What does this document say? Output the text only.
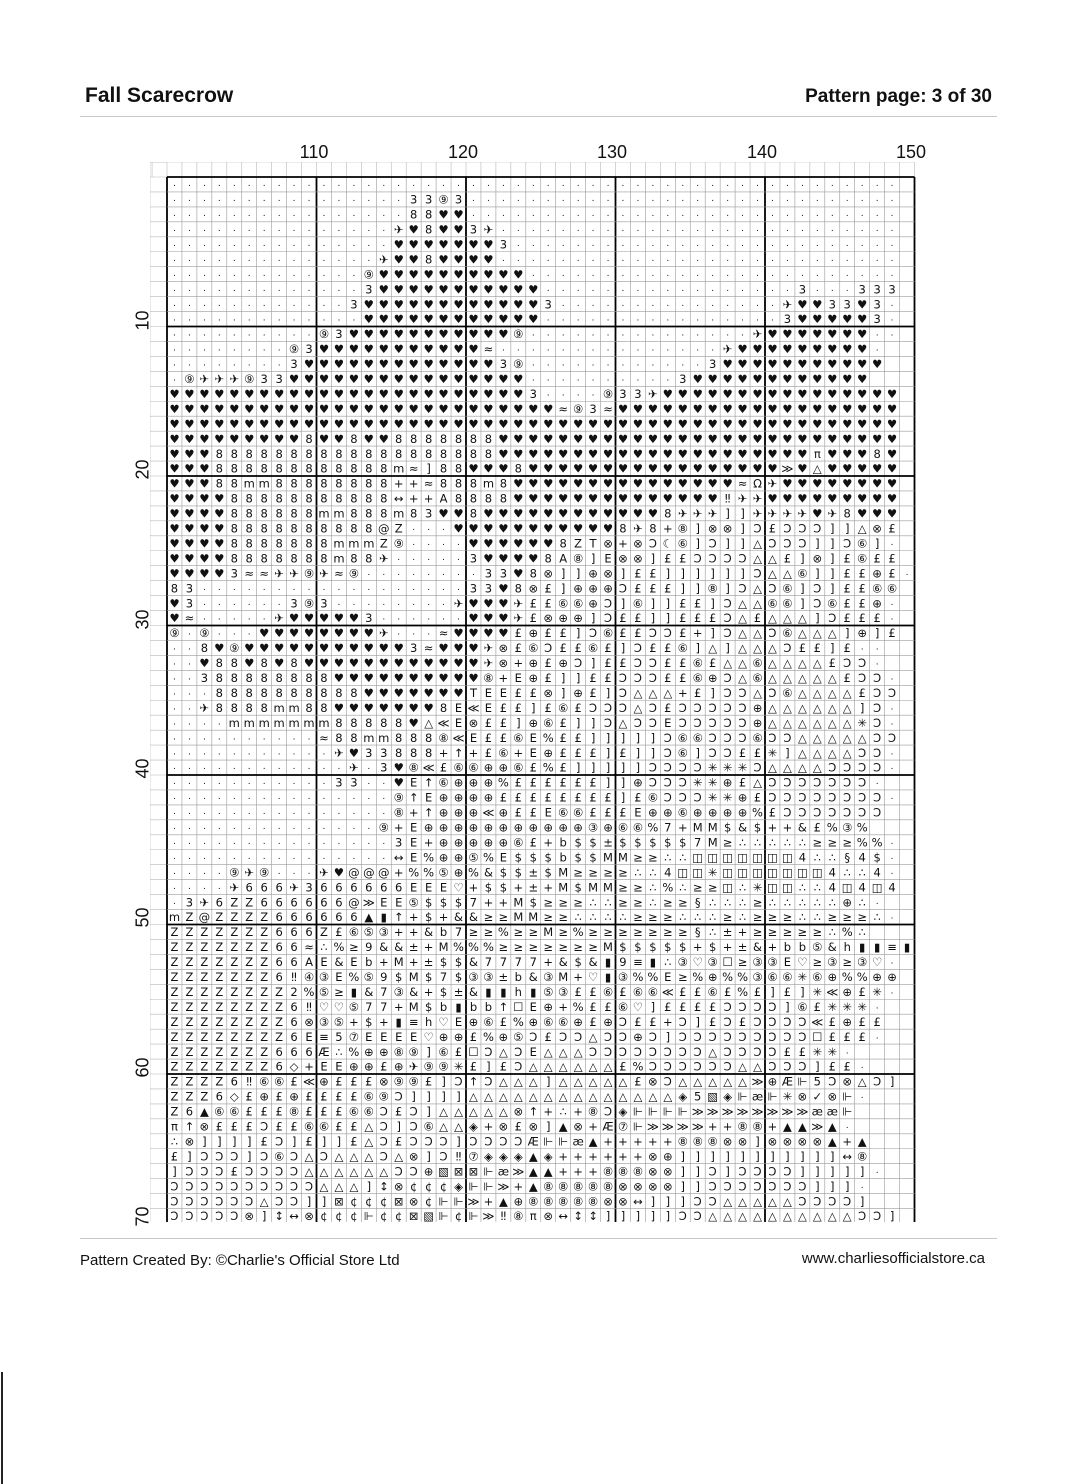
Fall Scarecrow	Pattern page: 3 of 30
110	120	130	140	150
10
20
30
40
50
60
70
· · · · · · · · · · · · · · · · · · · · · · · · · · · · · · · · · · · · · · · · · · · · · · · · ·
· · · · · · · · · · · · · · · · 3 3 ⑨ 3 · · · · · · · · · · · · · · · · · · · · · · · · · · · · ·
· · · · · · · · · · · · · · · · 8 8 ♥ ♥ · · · · · · · · · · · · · · · · · · · · · · · · · · · · ·
· · · · · · · · · · · · · · · ✈ ♥ 8 ♥ ♥ 3 ✈ · · · · · · · · · · · · · · · · · · · · · · · · · · ·
· · · · · · · · · · · · · · · ♥ ♥ ♥ ♥ ♥ ♥ ♥ 3 · · · · · · · · · · · · · · · · · · · · · · · · · ·
· · · · · · · · · · · · · · ✈ ♥ ♥ 8 ♥ ♥ ♥ ♥ · · · · · · · · · · · · · · · · · · · · · · · · · · ·
· · · · · · · · · · · · · ⑨ ♥ ♥ ♥ ♥ ♥ ♥ ♥ ♥ ♥ ♥ · · · · · · · · · · · · · · · · · · · · · · · · ·
· · · · · · · · · · · · · 3 ♥ ♥ ♥ ♥ ♥ ♥ ♥ ♥ ♥ ♥ ♥ · · · · · · · · · · · · · · · · · 3 · · · 3 3 3
· · · · · · · · · · · · 3 ♥ ♥ ♥ ♥ ♥ ♥ ♥ ♥ ♥ ♥ ♥ ♥ 3 · · · · · · · · · · · · · · · ✈ ♥ ♥ 3 3 ♥ 3 ·
· · · · · · · · · · · · · ♥ ♥ ♥ ♥ ♥ ♥ ♥ ♥ ♥ ♥ ♥ ♥ · · · · · · · · · · · · · · · · 3 ♥ ♥ ♥ ♥ ♥ 3 ·
· · · · · · · · · · ⑨ 3 ♥ ♥ ♥ ♥ ♥ ♥ ♥ ♥ ♥ ♥ ♥ ⑨ · · · · · · · · · · · · · · · ✈ ♥ ♥ ♥ ♥ ♥ ♥ ♥ · ·
· · · · · · · · ⑨ 3 ♥ ♥ ♥ ♥ ♥ ♥ ♥ ♥ ♥ ♥ ♥ ≈ · · · · · · · · · · · · · · · ✈ ♥ ♥ ♥ ♥ ♥ ♥ ♥ ♥ ♥ ·
· · · · · · · · 3 ♥ ♥ ♥ ♥ ♥ ♥ ♥ ♥ ♥ ♥ ♥ ♥ ♥ 3 ⑨ · · · · · · · · · · · · 3 ♥ ♥ ♥ ♥ ♥ ♥ ♥ ♥ ♥ ♥ ♥
· ⑨ ✈ ✈ ✈ ⑨ 3 3 ♥ ♥ ♥ ♥ ♥ ♥ ♥ ♥ ♥ ♥ ♥ ♥ ♥ ♥ ♥ ♥ · · · · · · · · · · 3 ♥ ♥ ♥ ♥ ♥ ♥ ♥ ♥ ♥ ♥ ♥ ♥
♥ ♥ ♥ ♥ ♥ ♥ ♥ ♥ ♥ ♥ ♥ ♥ ♥ ♥ ♥ ♥ ♥ ♥ ♥ ♥ ♥ ♥ ♥ ♥ 3 · · · · ⑨ 3 3 ✈ ♥ ♥ ♥ ♥ ♥ ♥ ♥ ♥ ♥ ♥ ♥ ♥ ♥ ♥ ♥ ♥
♥ ♥ ♥ ♥ ♥ ♥ ♥ ♥ ♥ ♥ ♥ ♥ ♥ ♥ ♥ ♥ ♥ ♥ ♥ ♥ ♥ ♥ ♥ ♥ ♥ ♥ ≈ ⑨ 3 ≈ ♥ ♥ ♥ ♥ ♥ ♥ ♥ ♥ ♥ ♥ ♥ ♥ ♥ ♥ ♥ ♥ ♥ ♥ ♥
♥ ♥ ♥ ♥ ♥ ♥ ♥ ♥ ♥ ♥ ♥ ♥ ♥ ♥ ♥ ♥ ♥ ♥ ♥ ♥ ♥ ♥ ♥ ♥ ♥ ♥ ♥ ♥ ♥ ♥ ♥ ♥ ♥ ♥ ♥ ♥ ♥ ♥ ♥ ♥ ♥ ♥ ♥ ♥ ♥ ♥ ♥ ♥ ♥
♥ ♥ ♥ ♥ ♥ ♥ ♥ ♥ ♥ 8 ♥ ♥ 8 ♥ ♥ 8 8 8 8 8 8 8 ♥ ♥ ♥ ♥ ♥ ♥ ♥ ♥ ♥ ♥ ♥ ♥ ♥ ♥ ♥ ♥ ♥ ♥ ♥ ♥ ♥ ♥ ♥ ♥ ♥ ♥ ♥
♥ ♥ ♥ 8 8 8 8 8 8 8 8 8 8 8 8 8 8 8 8 8 8 8 ♥ ♥ ♥ ♥ ♥ ♥ ♥ ♥ ♥ ♥ ♥ ♥ ♥ ♥ ♥ ♥ ♥ ♥ ♥ ♥ ♥ π ♥ ♥ ♥ 8 ♥
♥ ♥ ♥ 8 8 8 8 8 8 8 8 8 8 8 8 m ≈ ] 8 8 ♥ ♥ ♥ 8 ♥ ♥ ♥ ♥ ♥ ♥ ♥ ♥ ♥ ♥ ♥ ♥ ♥ ♥ ♥ ♥ ♥ ≫ ♥ △ ♥ ♥ ♥ ♥ ♥
♥ ♥ ♥ 8 8 m m 8 8 8 8 8 8 8 8 + + ≈ 8 8 8 m 8 ♥ ♥ ♥ ♥ ♥ ♥ ♥ ♥ ♥ ♥ ♥ ♥ ♥ ♥ ♥ ≈ Ω ✈ ♥ ♥ ♥ ♥ ♥ ♥ ♥ ♥
♥ ♥ ♥ ♥ 8 8 8 8 8 8 8 8 8 8 8 ↔ + + A 8 8 8 8 ♥ ♥ ♥ ♥ ♥ ♥ ♥ ♥ ♥ ♥ ♥ ♥ ♥ ♥ ‼ ✈ ✈ ♥ ♥ ♥ ♥ ♥ ♥ ♥ ♥ ♥
♥ ♥ ♥ ♥ 8 8 8 8 8 8 m m 8 8 8 m 8 3 ♥ ♥ 8 ♥ ♥ ♥ ♥ ♥ ♥ ♥ ♥ ♥ ♥ ♥ ♥ 8 ✈ ✈ ✈ ] ] ✈ ✈ ✈ ✈ ♥ ✈ 8 ♥ ♥ ♥
♥ ♥ ♥ ♥ 8 8 8 8 8 8 8 8 8 8 @ Z · · · ♥ ♥ ♥ ♥ ♥ ♥ ♥ ♥ ♥ ♥ ♥ 8 ✈ 8 + ⑧ ] ⊗ ⊗ ] Ↄ £ Ↄ Ↄ Ↄ ] ] △ ⊗ £
♥ ♥ ♥ ♥ 8 8 8 8 8 8 8 m m m Z ⑨ · · · · ♥ ♥ ♥ ♥ ♥ ♥ 8 Z T ⊗ + ⊗ Ↄ ☾ ⑥ ] Ↄ ] ] △ Ↄ Ↄ Ↄ ] ] Ↄ ⑥ ] ·
♥ ♥ ♥ ♥ 8 8 8 8 8 8 8 m 8 8 ✈ · · · · · 3 ♥ ♥ ♥ ♥ 8 A ⑧ ] E ⊗ ⊗ ] £ £ Ↄ Ↄ Ↄ Ↄ △ △ £ ] ⊗ ] £ ⑥ £ £
♥ ♥ ♥ ♥ 3 ≈ ≈ ✈ ✈ ⑨ ✈ ≈ ⑨ · · · · · · · · 3 3 ♥ 8 ⊗ ] ] ⊕ ⊗ ] £ £ ] ] ] ] ] ] Ↄ △ △ ⑥ ] ] £ £ ⊕ £ ·
8 3 · · · · · · · · · · · · · · · · · · 3 3 ♥ 8 ⊗ £ ] ⊕ ⊕ ⊕ Ↄ £ £ £ ] ] ⑧ ] Ↄ △ Ↄ ⑥ ] Ↄ ] £ £ ⑥ ⑥
♥ 3 · · · · · · 3 ⑨ 3 · · · · · · · · ✈ ♥ ♥ ♥ ✈ £ £ ⑥ ⑥ ⊕ Ↄ ] ⑥ ] ] £ £ ] Ↄ △ △ ⑥ ⑥ ] Ↄ ⑥ £ £ ⊕ ·
♥ ≈ · · · · · ✈ ♥ ♥ ♥ ♥ ♥ 3 · · · · · · ♥ ♥ ♥ ✈ £ ⊗ ⊕ ⊕ ] Ↄ £ £ ] ] £ £ £ Ↄ △ £ △ △ △ ] Ↄ £ £ £ ·
⑨ · ⑨ · · · ♥ ♥ ♥ ♥ ♥ ♥ ♥ ♥ ✈ · · · ≈ ♥ ♥ ♥ ♥ £ ⊕ £ £ ] Ↄ ⑥ £ £ Ↄ Ↄ £ + ] Ↄ △ △ Ↄ ⑥ △ △ △ ] ⊕ ] £
· · 8 ♥ ⑨ ♥ ♥ ♥ ♥ ♥ ♥ ♥ ♥ ♥ ♥ ♥ 3 ≈ ♥ ♥ ♥ ✈ ⊗ £ ⑥ Ↄ £ £ ⑥ £ ] Ↄ £ £ ⑥ ] △ ] △ △ △ Ↄ £ £ ] £ · ·
· · ♥ 8 8 ♥ 8 ♥ 8 ♥ ♥ ♥ ♥ ♥ ♥ ♥ ♥ ♥ ♥ ♥ ♥ ✈ ⊗ + ⊕ £ ⊕ Ↄ ] £ £ Ↄ Ↄ £ £ ⑥ £ △ △ ⑥ △ △ △ △ £ Ↄ Ↄ ·
· · 3 8 8 8 8 8 8 8 8 ♥ ♥ ♥ ♥ ♥ ♥ ♥ ♥ ♥ ♥ ⑧ + E ⊕ £ ] ] £ £ Ↄ Ↄ Ↄ £ £ ⑥ ⊕ Ↄ △ ⑥ △ △ △ △ △ £ Ↄ Ↄ ·
· · · 8 8 8 8 8 8 8 8 8 8 ♥ ♥ ♥ ♥ ♥ ♥ ♥ T E E £ £ ⊗ ] ⊕ £ ] Ↄ △ △ △ + £ ] Ↄ Ↄ △ Ↄ ⑥ △ △ △ △ £ Ↄ Ↄ
· · ✈ 8 8 8 8 m m 8 8 ♥ ♥ ♥ ♥ ♥ ♥ ♥ 8 E ≪ E £ £ ] £ ⑥ £ Ↄ Ↄ Ↄ △ Ↄ £ Ↄ Ↄ Ↄ Ↄ Ↄ ⊕ △ △ △ △ △ △ ] Ↄ ·
· · · · m m m m m m m 8 8 8 8 8 ♥ △ ≪ E ⊗ £ £ ] ⊕ ⑥ £ ] ] Ↄ △ Ↄ Ↄ E Ↄ Ↄ Ↄ Ↄ Ↄ ⊕ △ △ △ △ △ △ ✳ Ↄ ·
· · · · · · · · · · ≈ 8 8 m m 8 8 8 ⑧ ≪ E £ £ ⑥ E % £ £ ] ] ] ] ] Ↄ ⑥ ⑥ Ↄ Ↄ Ↄ ⑥ Ↄ Ↄ △ △ △ △ △ Ↄ Ↄ
· · · · · · · · · · · ✈ ♥ 3 3 8 8 8 + ↑ + £ ⑥ + E ⊕ £ £ £ ] £ ] ] Ↄ ⑥ ] Ↄ Ↄ £ £ ✳ ] △ △ △ △ Ↄ Ↄ ·
· · · · · · · · · · · · ✈ · 3 ♥ ⑧ ≪ £ ⑥ ⑥ ⊕ ⊕ ⑥ £ % £ ] ] ] ] ] Ↄ Ↄ Ↄ Ↄ ✳ ✳ ✳ Ↄ △ △ △ △ Ↄ Ↄ Ↄ Ↄ ·
· · · · · · · · · · · 3 3 · · ♥ E ↑ ⑥ ⊕ ⊕ ⊕ % £ £ £ £ £ £ ] ] ⊕ Ↄ Ↄ Ↄ ✳ ✳ ⊕ £ △ Ↄ Ↄ Ↄ Ↄ Ↄ Ↄ Ↄ ·
· · · · · · · · · · · · · · · ⑨ ↑ E ⊕ ⊕ ⊕ ⊕ £ £ £ £ £ £ £ £ ] £ ⑥ Ↄ Ↄ Ↄ ✳ ✳ ⊕ £ Ↄ Ↄ Ↄ Ↄ Ↄ Ↄ Ↄ Ↄ ·
· · · · · · · · · · · · · · · ⑧ + ↑ ⊕ ⊕ ⊕ ≪ ⊕ £ £ E ⑥ ⑥ £ £ £ E ⊕ ⊕ ⑥ ⊕ ⊕ ⊕ ⊕ % £ Ↄ Ↄ Ↄ Ↄ Ↄ Ↄ Ↄ
· · · · · · · · · · · · · · ⑨ + E ⊕ ⊕ ⊕ ⊕ ⊕ ⊕ ⊕ ⊕ ⊕ ⊕ ⊕ ③ ⊕ ⑥ ⑥ % 7 + M M $ & $ + + & £ % ③ %
· · · · · · · · · · · · · · · 3 E + ⊕ ⊕ ⊕ ⊕ ⊕ ⑥ £ + b $ $ ± $ $ $ $ $ 7 M ≥ ∴ ∴ ∴ ∴ ∴ ≥ ≥ ≥ % % ·
· · · · · · · · · · · · · · · ↔ E % ⊕ ⊕ ⑤ % E $ $ $ b $ $ M M ≥ ≥ ∴ ∴ ◫ ◫ ◫ ◫ ◫ ◫ ◫ 4 ∴ ∴ § 4 $ ·
· · · · ⑨ ✈ ⑨ · · · ✈ ♥ @ @ @ + % % ⑤ ⊕ % & $ $ ± $ M ≥ ≥ ≥ ≥ ∴ ∴ 4 ◫ ◫ ✳ ◫ ◫ ◫ ◫ ◫ ◫ ◫ 4 ∴ ∴ 4 ·
· · · · ✈ 6 6 6 ✈ 3 6 6 6 6 6 6 E E E ♡ + $ $ + ± + M $ M M ≥ ≥ ∴ % ∴ ≥ ≥ ◫ ∴ ✳ ◫ ◫ ∴ ∴ 4 ◫ 4 ◫ 4
· 3 ✈ 6 Z Z 6 6 6 6 6 6 @ ≫ E E ⑤ $ $ $ 7 + + M $ ≥ ≥ ≥ ∴ ∴ ≥ ≥ ∴ ≥ ≥ § ∴ ∴ ∴ ≥ ∴ ∴ ∴ ∴ ∴ ⊕ ∴ ·
m Z @ Z Z Z Z 6 6 6 6 6 6 ▲ ▮ ↑ + $ + & & ≥ ≥ M M ≥ ≥ ∴ ∴ ∴ ∴ ≥ ≥ ≥ ∴ ∴ ∴ ≥ ∴ ≥ ≥ ≥ ∴ ∴ ≥ ≥ ≥ ∴ ·
Z Z Z Z Z Z Z 6 6 6 Z £ ⑥ ⑤ ③ + + & b 7 ≥ ≥ % ≥ ≥ M ≥ % ≥ ≥ ≥ ≥ ≥ ≥ ≥ § ∴ ± + ≥ ≥ ≥ ≥ ≥ ∴ % ∴
Z Z Z Z Z Z Z 6 6 ≈ ∴ % ≥ 9 & & ± + M % % % ≥ ≥ ≥ ≥ ≥ ≥ ≥ M $ $ $ $ $ + $ + ± & + b b ⑤ & h ▮ ▮ ≡ ▮
Z Z Z Z Z Z Z 6 6 A E & E b + M + ± $ $ & 7 7 7 7 + & $ & ▮ 9 ≡ ▮ ∴ ③ ♡ ③ ☐ ≥ ③ ③ E ♡ ≥ ③ ≥ ③ ♡ ·
Z Z Z Z Z Z Z 6 ‼ ④ ③ E % ⑤ 9 $ M $ 7 $ ③ ③ ± b & ③ M + ♡ ▮ ③ % % E ≥ % ⊕ % % ③ ⑥ ⑥ ✳ ⑥ ⊕ % % ⊕ ⊕
Z Z Z Z Z Z Z Z 2 % ⑤ ≥ ▮ & 7 ③ & + $ ± & ▮ ▮ h ▮ ⑤ ③ £ £ ⑥ £ ⑥ ⑥ ≪ £ £ ⑥ £ % £ ] £ ] ✳ ≪ ⊕ £ ✳ ·
Z Z Z Z Z Z Z Z 6 ‼ ♡ ♡ ⑤ 7 7 + M $ b ▮ b b ↑ ☐ E ⊕ + % £ £ ⑥ ♡ ] £ £ £ £ Ↄ Ↄ Ↄ Ↄ ] ⑥ £ ✳ ✳ ✳ ·
Z Z Z Z Z Z Z Z 6 ⊗ ③ ⑤ + $ + ▮ ≡ h ♡ E ⊕ ⑥ £ % ⊕ ⑥ ⑥ ⊕ £ ⊕ Ↄ £ £ + Ↄ ] £ Ↄ £ Ↄ Ↄ Ↄ Ↄ ≪ £ ⊕ £ £
Z Z Z Z Z Z Z Z 6 E ≡ 5 ⑦ E E E E ♡ ⊕ ⊕ £ % ⊕ ⑤ Ↄ £ Ↄ Ↄ △ Ↄ Ↄ ⊕ Ↄ ] Ↄ Ↄ Ↄ Ↄ Ↄ Ↄ Ↄ Ↄ Ↄ ☐ £ £ £ ·
Z Z Z Z Z Z Z 6 6 6 Æ ∴ % ⊕ ⊕ ⑧ ⑨ ] ⑥ £ ☐ Ↄ △ Ↄ E △ △ △ Ↄ Ↄ Ↄ Ↄ Ↄ Ↄ Ↄ Ↄ △ Ↄ Ↄ Ↄ Ↄ £ £ ✳ ✳ ·
Z Z Z Z Z Z Z 6 ◇ + E E ⊕ ⊕ £ ⊕ ✈ ⑨ ⑨ ✳ £ ] £ Ↄ △ △ △ △ △ △ £ % Ↄ Ↄ Ↄ Ↄ Ↄ Ↄ △ △ Ↄ Ↄ Ↄ ] £ £ ·
Z Z Z Z 6 ‼ ⑥ ⑥ £ ≪ ⊕ £ £ £ ⊗ ⑨ ⑨ £ ] Ↄ ↑ Ↄ △ △ △ ] △ △ △ △ △ £ ⊗ Ↄ △ △ △ △ △ ≫ ⊕ Æ ⊩ 5 Ↄ ⊗ △ Ↄ ]
Z Z Z 6 ◇ £ ⊕ £ ⊕ £ £ £ £ ⑥ ⑨ Ↄ ] ] ] ] △ △ △ △ △ △ △ △ △ △ △ △ △ △ ◈ 5 ▧ ◈ ⊩ æ ⊩ ✳ ⊗ ✓ ⊗ ⊩ ·
Z 6 ▲ ⑥ ⑥ £ £ £ ⑧ £ £ £ ⑥ ⑥ Ↄ £ Ↄ ] △ △ △ △ △ ⊗ ↑ + ∴ + ⑧ Ↄ ◈ ⊩ ⊩ ⊩ ⊩ ≫ ≫ ≫ ≫ ≫ ≫ ≫ ≫ æ æ ⊩
π ↑ ⊗ £ £ £ Ↄ £ £ ⑥ ⑥ £ £ △ Ↄ ] Ↄ ⑥ △ △ ◈ + ⊗ £ ⊗ ] ▲ ⊗ + Æ ⑦ ⊩ ≫ ≫ ≫ ≫ + + ⑧ ⑧ + ▲ ▲ ≫ ▲ ·
∴ ⊗ ] ] ] ] £ Ↄ ] £ ] ] £ △ Ↄ £ Ↄ Ↄ Ↄ ] Ↄ Ↄ Ↄ Ↄ Æ ⊩ ⊩ æ ▲ + + + + + ⑧ ⑧ ⑧ ⊗ ⊗ ] ⊗ ⊗ ⊗ ⊗ ▲ + ▲
£ ] Ↄ Ↄ Ↄ ] Ↄ ⑥ Ↄ △ Ↄ △ △ △ Ↄ △ ⊗ ] Ↄ ‼ ⑦ ◈ ◈ ◈ ▲ ◈ + + + + + + ⊗ ⊕ ] ] ] ] ] ] ] ] ] ] ] ↔ ⑧
] Ↄ Ↄ Ↄ £ Ↄ Ↄ Ↄ Ↄ △ △ △ △ △ △ Ↄ Ↄ ⊕ ▧ ⊠ ⊠ ⊩ æ ≫ ▲ ▲ + + + ⑧ ⑧ ⑧ ⊗ ⊗ ] ] Ↄ ] Ↄ Ↄ Ↄ Ↄ ] ] ] ] ] ·
Ↄ Ↄ Ↄ Ↄ Ↄ Ↄ Ↄ Ↄ Ↄ Ↄ △ △ △ ] ↕ ⊗ ¢ ¢ ¢ ◈ ⊩ ⊩ ≫ + ▲ ⑧ ⑧ ⑧ ⑧ ⑧ ⊗ ⊗ ⊗ ⊗ ] ] Ↄ Ↄ Ↄ Ↄ Ↄ Ↄ Ↄ ] ] ] ·
Ↄ Ↄ Ↄ Ↄ Ↄ Ↄ △ Ↄ Ↄ ] ] ⊠ ¢ ¢ ¢ ⊠ ⊗ ¢ ⊩ ⊩ ≫ + ▲ ⊕ ⑧ ⑧ ⑧ ⑧ ⑧ ⊗ ⊗ ↔ ] ] ] Ↄ Ↄ △ △ △ △ △ Ↄ Ↄ Ↄ Ↄ ]
Ↄ Ↄ Ↄ Ↄ Ↄ ⊗ ] ↕ ↔ ⊗ ¢ ¢ ¢ ⊩ ¢ ¢ ⊠ ▧ ⊩ ¢ ⊩ ≫ ‼ ⑧ π ⊗ ↔ ↕ ↕ ] ] ] ] ] Ↄ Ↄ △ △ △ △ △ △ △ △ △ △ Ↄ Ↄ ]
Pattern Created By: ©Charlie's Official Store Ltd	www.charliesofficialstore.ca
